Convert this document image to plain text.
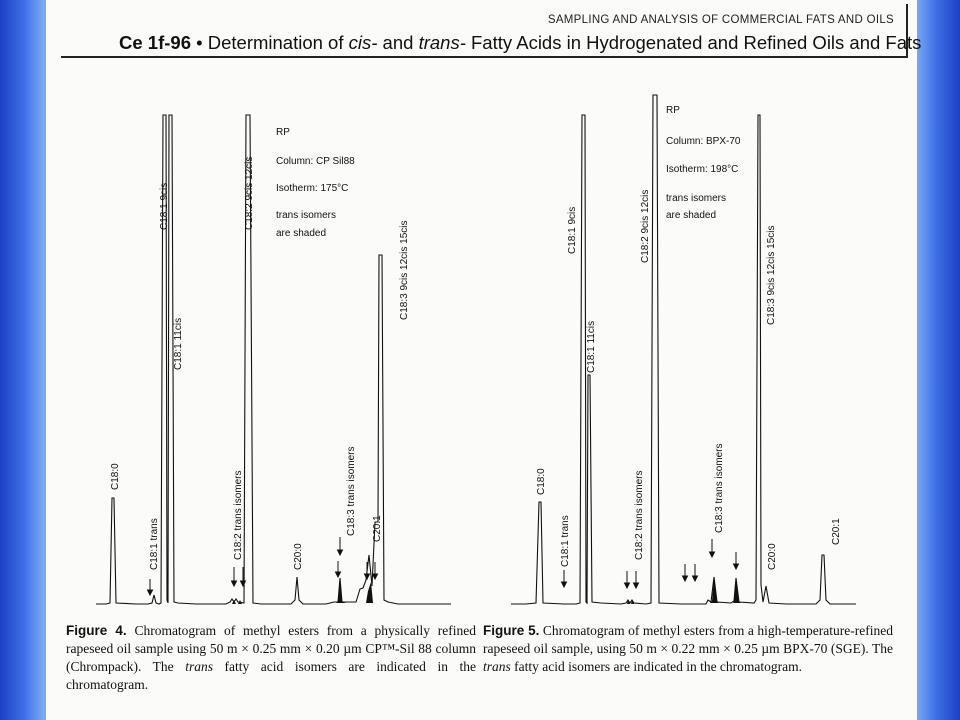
SAMPLING AND ANALYSIS OF COMMERCIAL FATS AND OILS
Ce 1f-96 • Determination of cis- and trans- Fatty Acids in Hydrogenated and Refined Oils and Fats
RP
Column: CP Sil88
Isotherm: 175°C
trans isomers
are shaded
C18:0
C18:1 trans
C18:1 9cis
C18:1 11cis
C18:2 trans isomers
C18:2 9cis 12cis
C20:0
C18:3 trans isomers C20:1
C18:3 9cis 12cis 15cis
RP
Column: BPX-70
Isotherm: 198°C
trans isomers
are shaded
C18:0
C18:1 trans
C18:1 9cis
C18:1 11cis
C18:2 trans isomers
C18:2 9cis 12cis
C18:3 trans isomers
C20:0
C18:3 9cis 12cis 15cis
C20:1
Figure 4. Chromatogram of methyl esters from a physically refined rapeseed oil sample using 50 m × 0.25 mm × 0.20 µm CP™-Sil 88 column (Chrompack). The trans fatty acid isomers are indicated in the chromatogram.
Figure 5. Chromatogram of methyl esters from a high-temperature-refined rapeseed oil sample, using 50 m × 0.22 mm × 0.25 µm BPX-70 (SGE). The trans fatty acid isomers are indicated in the chromatogram.
